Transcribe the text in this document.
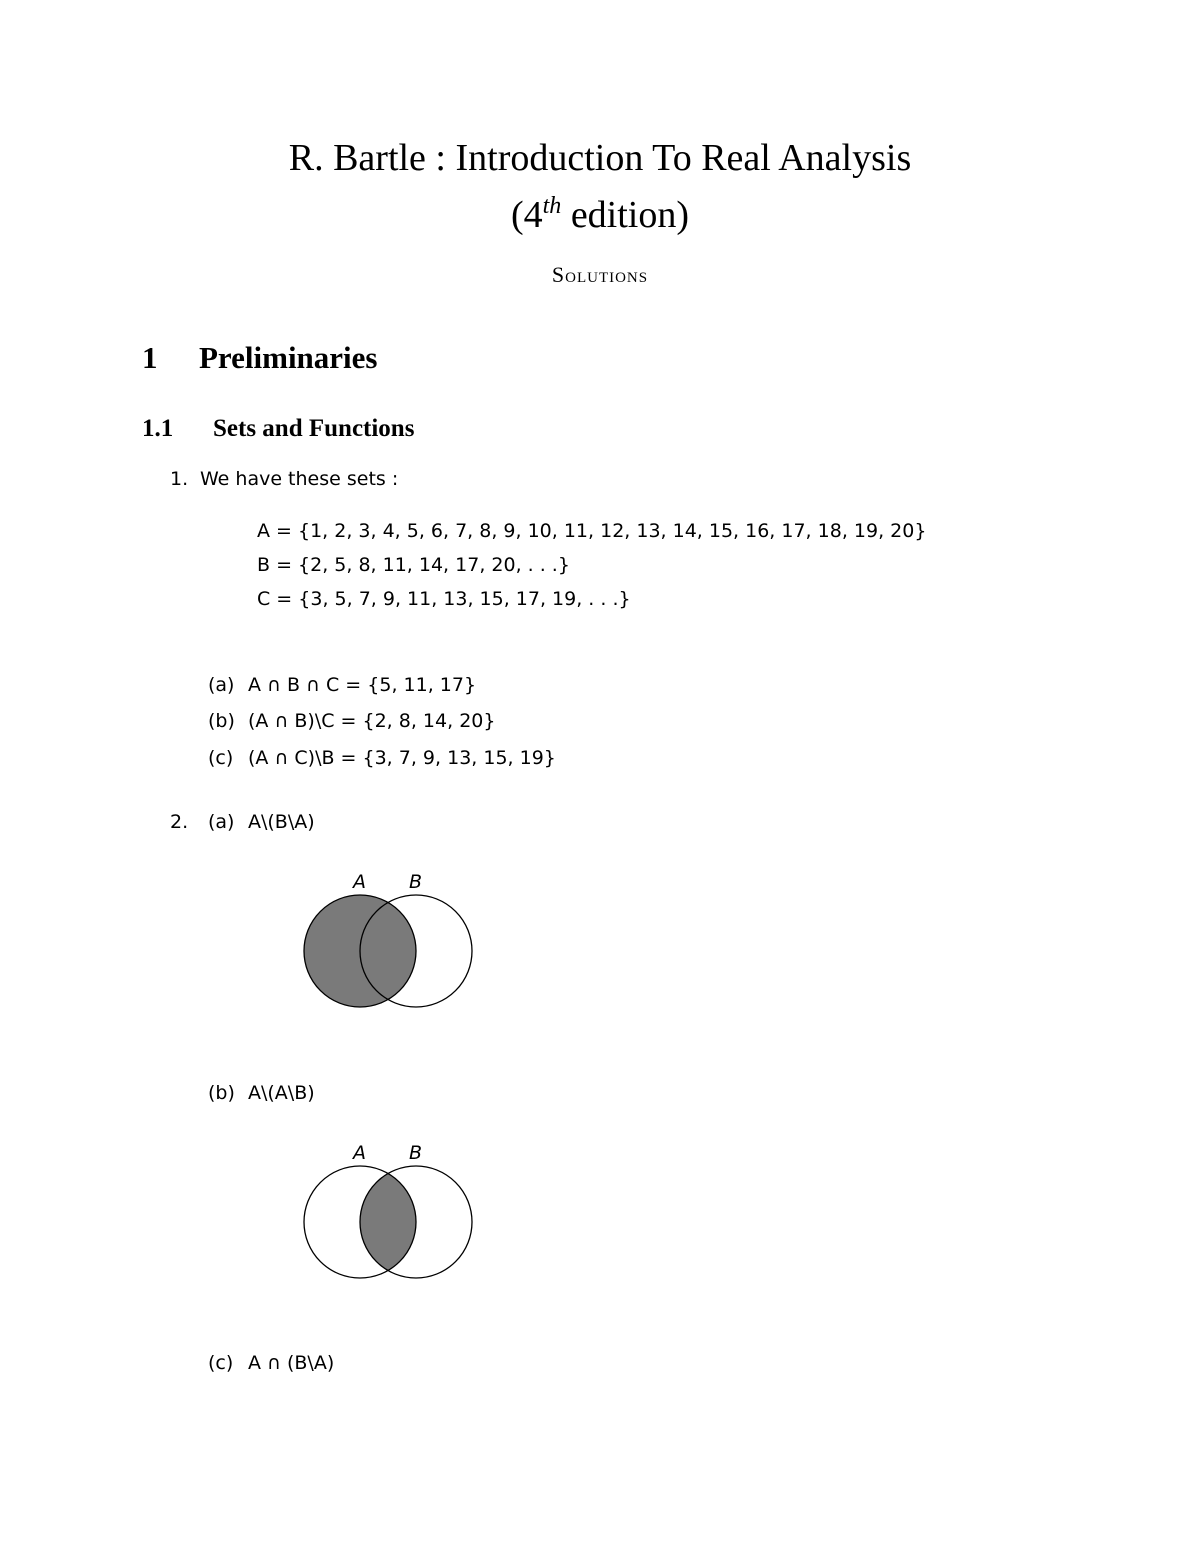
R. Bartle : Introduction To Real Analysis
(4th edition)
Solutions
1 Preliminaries
1.1 Sets and Functions
1. We have these sets :
A = {1, 2, 3, 4, 5, 6, 7, 8, 9, 10, 11, 12, 13, 14, 15, 16, 17, 18, 19, 20}
B = {2, 5, 8, 11, 14, 17, 20, . . .}
C = {3, 5, 7, 9, 11, 13, 15, 17, 19, . . .}
(a) A ∩ B ∩ C = {5, 11, 17}
(b) (A ∩ B)\C = {2, 8, 14, 20}
(c) (A ∩ C)\B = {3, 7, 9, 13, 15, 19}
2. (a) A\(B\A)
A B
(b) A\(A\B)
A B
(c) A ∩ (B\A)
